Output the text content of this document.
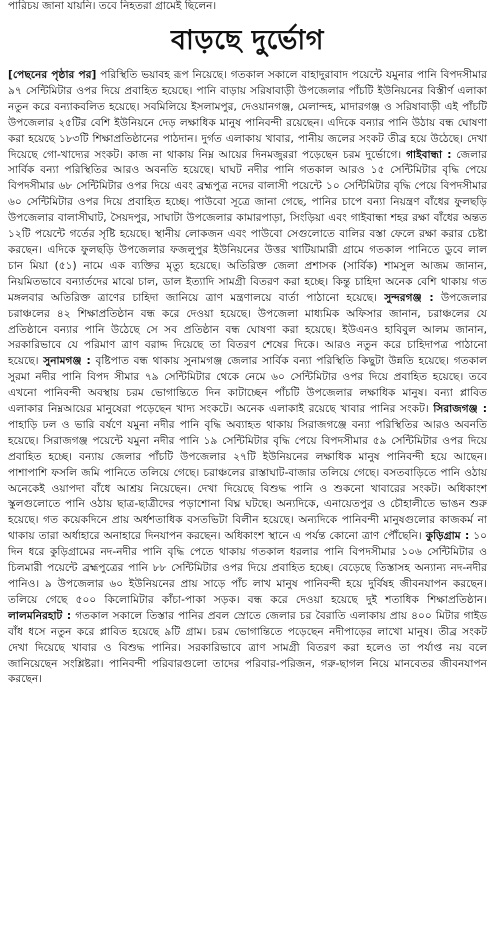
পারিচয় জানা যায়নি। তবে নিহতরা গ্রামেই ছিলেন।
বাড়ছে দুর্ভোগ

[পেছনের পৃষ্ঠার পর] পরিস্থিতি ভয়াবহ রূপ নিয়েছে। গতকাল সকালে বাহাদুরাবাদ পয়েন্টে যমুনার পানি বিপদসীমার ৯৭ সেন্টিমিটার ওপর দিয়ে প্রবাহিত হয়েছে। পানি বাড়ায় সরিষাবাড়ী উপজেলার পাঁচটি ইউনিয়নের বিস্তীর্ণ এলাকা নতুন করে বন্যাকবলিত হয়েছে। সবমিলিয়ে ইসলামপুর, দেওয়ানগঞ্জ, মেলান্দহ, মাদারগঞ্জ ও সরিষাবাড়ী এই পাঁচটি উপজেলার ২৫টির বেশি ইউনিয়নে দেড় লক্ষাধিক মানুষ পানিবন্দী রয়েছেন। এদিকে বন্যার পানি উঠায় বন্ধ ঘোষণা করা হয়েছে ১৮৩টি শিক্ষাপ্রতিষ্ঠানের পাঠদান। দুর্গত এলাকায় খাবার, পানীয় জলের সংকট তীব্র হয়ে উঠেছে। দেখা দিয়েছে গো-খাদ্যের সংকট। কাজ না থাকায় নিম্ন আয়ের দিনমজুররা পড়েছেন চরম দুর্ভোগে। গাইবান্ধা : জেলার সার্বিক বন্যা পরিস্থিতির আরও অবনতি হয়েছে। ঘাঘট নদীর পানি গতকাল আরও ১৫ সেন্টিমিটার বৃদ্ধি পেয়ে বিপদসীমার ৬৮ সেন্টিমিটার ওপর দিয়ে এবং ব্রহ্মপুত্র নদের বালাসী পয়েন্টে ১০ সেন্টিমিটার বৃদ্ধি পেয়ে বিপদসীমার ৬০ সেন্টিমিটার ওপর দিয়ে প্রবাহিত হচ্ছে। পাউবো সূত্রে জানা গেছে, পানির চাপে বন্যা নিয়ন্ত্রণ বাঁধের ফুলছড়ি উপজেলার বালাসীঘাট, সৈয়দপুর, সাঘাটা উপজেলার কামারপাড়া, সিংড়িয়া এবং গাইবান্ধা শহর রক্ষা বাঁধের অন্তত ১২টি পয়েন্টে গর্তের সৃষ্টি হয়েছে। স্থানীয় লোকজন এবং পাউবো সেগুলোতে বালির বস্তা ফেলে রক্ষা করার চেষ্টা করছেন। এদিকে ফুলছড়ি উপজেলার ফজলুপুর ইউনিয়নের উত্তর খাটিয়ামারী গ্রামে গতকাল পানিতে ডুবে লাল চান মিয়া (৫১) নামে এক ব্যক্তির মৃত্যু হয়েছে। অতিরিক্ত জেলা প্রশাসক (সার্বিক) শামসুল আজম জানান, নিয়মিতভাবে বন্যার্তদের মাঝে চাল, ডাল ইত্যাদি সামগ্রী বিতরণ করা হচ্ছে। কিন্তু চাহিদা অনেক বেশি থাকায় গত মঙ্গলবার অতিরিক্ত ত্রাণের চাহিদা জানিয়ে ত্রাণ মন্ত্রণালয়ে বার্তা পাঠানো হয়েছে। সুন্দরগঞ্জ : উপজেলার চরাঞ্চলের ৪২ শিক্ষাপ্রতিষ্ঠান বন্ধ করে দেওয়া হয়েছে। উপজেলা মাধ্যমিক অফিসার জানান, চরাঞ্চলের যে প্রতিষ্ঠানে বন্যার পানি উঠেছে সে সব প্রতিষ্ঠান বন্ধ ঘোষণা করা হয়েছে। ইউএনও হাবিবুল আলম জানান, সরকারিভাবে যে পরিমাণ ত্রাণ বরাদ্দ দিয়েছে তা বিতরণ শেষের দিকে। আরও নতুন করে চাহিদাপত্র পাঠানো হয়েছে। সুনামগঞ্জ : বৃষ্টিপাত বন্ধ থাকায় সুনামগঞ্জ জেলার সার্বিক বন্যা পরিস্থিতি কিছুটা উন্নতি হয়েছে। গতকাল সুরমা নদীর পানি বিপদ সীমার ৭৯ সেন্টিমিটার থেকে নেমে ৬০ সেন্টিমিটার ওপর দিয়ে প্রবাহিত হয়েছে। তবে এখনো পানিবন্দী অবস্থায় চরম ভোগান্তিতে দিন কাটাচ্ছেন পাঁচটি উপজেলার লক্ষাধিক মানুষ। বন্যা প্লাবিত এলাকার নিম্নআয়ের মানুষেরা পড়েছেন খাদ্য সংকটে। অনেক এলাকাই রয়েছে খাবার পানির সংকট। সিরাজগঞ্জ : পাহাড়ি ঢল ও ভারি বর্ষণে যমুনা নদীর পানি বৃদ্ধি অব্যাহত থাকায় সিরাজগঞ্জে বন্যা পরিস্থিতির আরও অবনতি হয়েছে। সিরাজগঞ্জ পয়েন্টে যমুনা নদীর পানি ১৯ সেন্টিমিটার বৃদ্ধি পেয়ে বিপদসীমার ৫৯ সেন্টিমিটার ওপর দিয়ে প্রবাহিত হচ্ছে। বন্যায় জেলার পাঁচটি উপজেলার ২৭টি ইউনিয়নের লক্ষাধিক মানুষ পানিবন্দী হয়ে আছেন। পাশাপাশি ফসলি জমি পানিতে তলিয়ে গেছে। চরাঞ্চলের রাস্তাঘাট-বাজার তলিয়ে গেছে। বসতবাড়িতে পানি ওঠায় অনেকেই ওয়াপদা বাঁধে আশ্রয় নিয়েছেন। দেখা দিয়েছে বিশুদ্ধ পানি ও শুকনো খাবারের সংকট। অধিকাংশ স্কুলগুলোতে পানি ওঠায় ছাত্র-ছাত্রীদের পড়াশোনা বিঘ্ন ঘটছে। অন্যদিকে, এনায়েতপুর ও চৌহালীতে ভাঙন শুরু হয়েছে। গত কয়েকদিনে প্রায় অর্ধশতাধিক বসতভিটা বিলীন হয়েছে। অন্যদিকে পানিবন্দী মানুষগুলোর কাজকর্ম না থাকায় তারা অর্ধাহারে অনাহারে দিনযাপন করছেন। অধিকাংশ স্থানে এ পর্যন্ত কোনো ত্রাণ পৌঁছেনি। কুড়িগ্রাম : ১০ দিন ধরে কুড়িগ্রামের নদ-নদীর পানি বৃদ্ধি পেতে থাকায় গতকাল ধরলার পানি বিপদসীমার ১০৬ সেন্টিমিটার ও চিলমারী পয়েন্টে ব্রহ্মপুত্রের পানি ৮৮ সেন্টিমিটার ওপর দিয়ে প্রবাহিত হচ্ছে। বেড়েছে তিস্তাসহ অন্যান্য নদ-নদীর পানিও। ৯ উপজেলার ৬০ ইউনিয়নের প্রায় সাড়ে পাঁচ লাখ মানুষ পানিবন্দী হয়ে দুর্বিষহ জীবনযাপন করছেন। তলিয়ে গেছে ৫০০ কিলোমিটার কাঁচা-পাকা সড়ক। বন্ধ করে দেওয়া হয়েছে দুই শতাধিক শিক্ষাপ্রতিষ্ঠান। লালমনিরহাট : গতকাল সকালে তিস্তার পানির প্রবল স্রোতে জেলার চর বৈরাতি এলাকায় প্রায় ৪০০ মিটার গাইড বাঁধ ধসে নতুন করে প্লাবিত হয়েছে ৯টি গ্রাম। চরম ভোগান্তিতে পড়েছেন নদীপাড়ের লাখো মানুষ। তীব্র সংকট দেখা দিয়েছে খাবার ও বিশুদ্ধ পানির। সরকারিভাবে ত্রাণ সামগ্রী বিতরণ করা হলেও তা পর্যাপ্ত নয় বলে জানিয়েছেন সংশ্লিষ্টরা। পানিবন্দী পরিবারগুলো তাদের পরিবার-পরিজন, গরু-ছাগল নিয়ে মানবেতর জীবনযাপন করছেন।
